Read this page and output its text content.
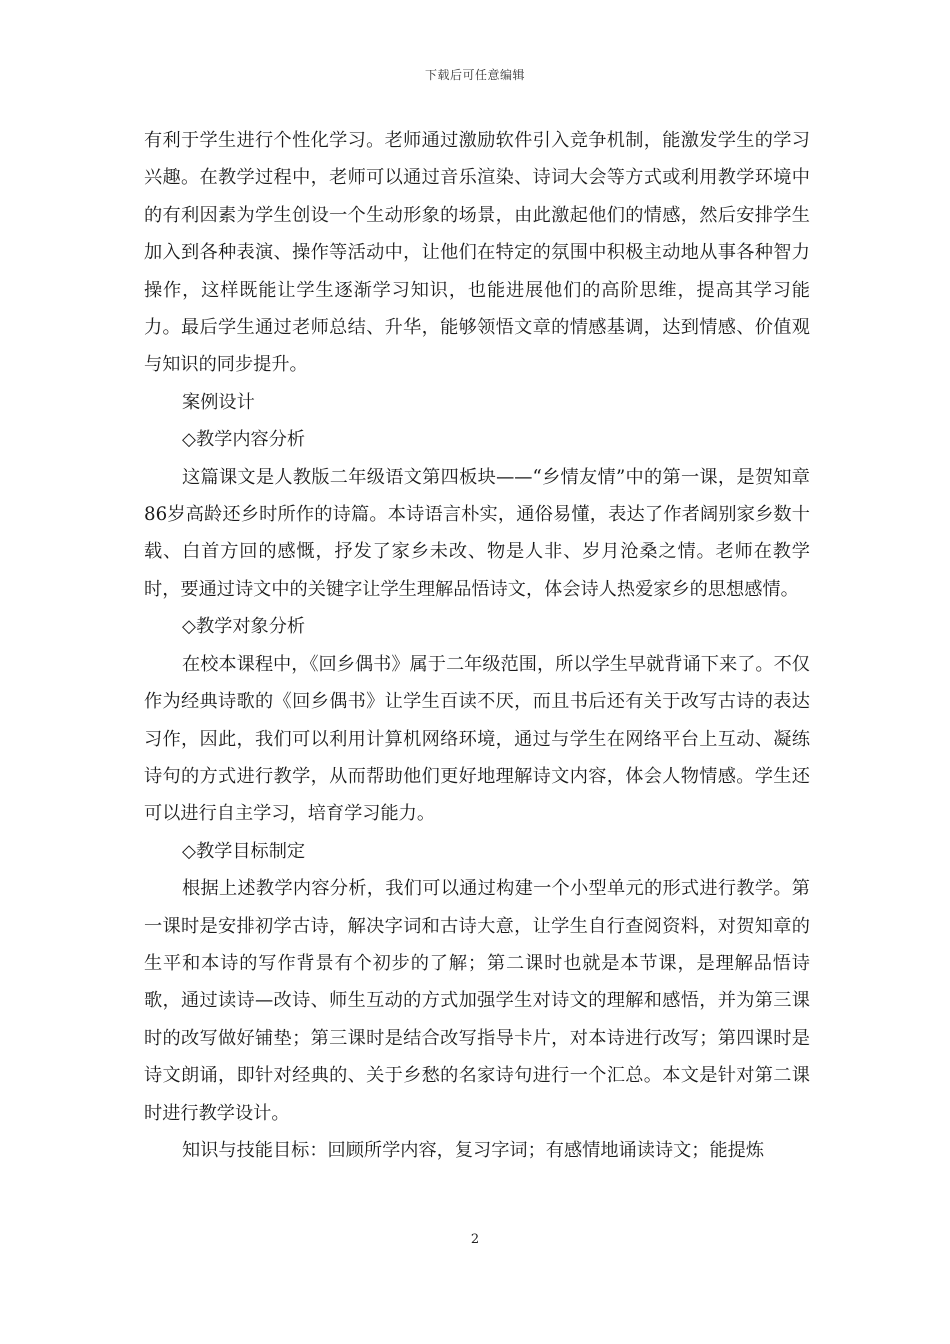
下载后可任意编辑

有利于学生进行个性化学习。老师通过激励软件引入竞争机制，能激发学生的学习兴趣。在教学过程中，老师可以通过音乐渲染、诗词大会等方式或利用教学环境中的有利因素为学生创设一个生动形象的场景，由此激起他们的情感，然后安排学生加入到各种表演、操作等活动中，让他们在特定的氛围中积极主动地从事各种智力操作，这样既能让学生逐渐学习知识，也能进展他们的高阶思维，提高其学习能力。最后学生通过老师总结、升华，能够领悟文章的情感基调，达到情感、价值观与知识的同步提升。

案例设计

◇教学内容分析

这篇课文是人教版二年级语文第四板块——“乡情友情”中的第一课，是贺知章86岁高龄还乡时所作的诗篇。本诗语言朴实，通俗易懂，表达了作者阔别家乡数十载、白首方回的感慨，抒发了家乡未改、物是人非、岁月沧桑之情。老师在教学时，要通过诗文中的关键字让学生理解品悟诗文，体会诗人热爱家乡的思想感情。

◇教学对象分析

在校本课程中，《回乡偶书》属于二年级范围，所以学生早就背诵下来了。不仅作为经典诗歌的《回乡偶书》让学生百读不厌，而且书后还有关于改写古诗的表达习作，因此，我们可以利用计算机网络环境，通过与学生在网络平台上互动、凝练诗句的方式进行教学，从而帮助他们更好地理解诗文内容，体会人物情感。学生还可以进行自主学习，培育学习能力。

◇教学目标制定

根据上述教学内容分析，我们可以通过构建一个小型单元的形式进行教学。第一课时是安排初学古诗，解决字词和古诗大意，让学生自行查阅资料，对贺知章的生平和本诗的写作背景有个初步的了解；第二课时也就是本节课，是理解品悟诗歌，通过读诗—改诗、师生互动的方式加强学生对诗文的理解和感悟，并为第三课时的改写做好铺垫；第三课时是结合改写指导卡片，对本诗进行改写；第四课时是诗文朗诵，即针对经典的、关于乡愁的名家诗句进行一个汇总。本文是针对第二课时进行教学设计。

知识与技能目标：回顾所学内容，复习字词；有感情地诵读诗文；能提炼

2
